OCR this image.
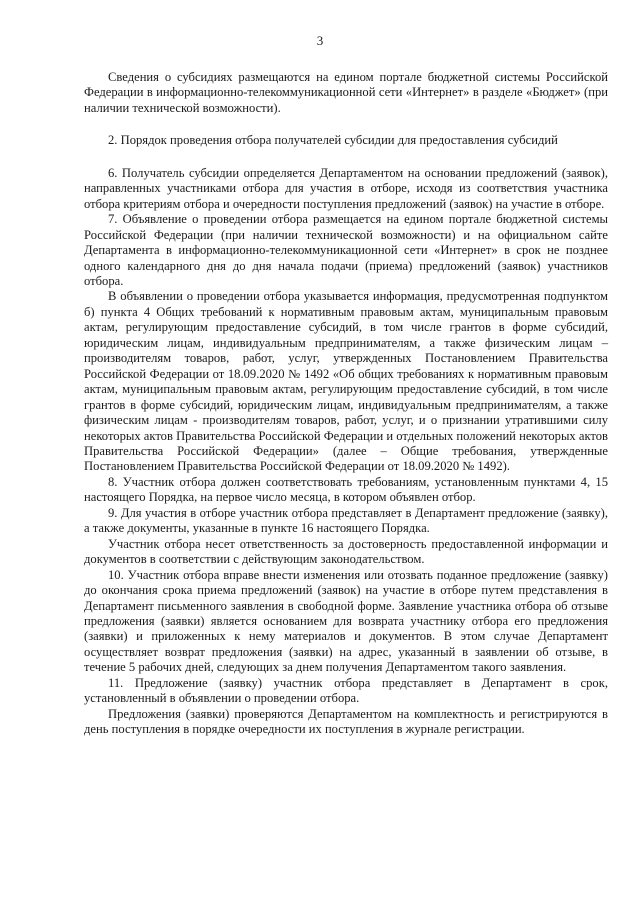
3

Сведения о субсидиях размещаются на едином портале бюджетной системы Российской Федерации в информационно-телекоммуникационной сети «Интернет» в разделе «Бюджет» (при наличии технической возможности).

2. Порядок проведения отбора получателей субсидии для предоставления субсидий

6. Получатель субсидии определяется Департаментом на основании предложений (заявок), направленных участниками отбора для участия в отборе, исходя из соответствия участника отбора критериям отбора и очередности поступления предложений (заявок) на участие в отборе.

7. Объявление о проведении отбора размещается на едином портале бюджетной системы Российской Федерации (при наличии технической возможности) и на официальном сайте Департамента в информационно-телекоммуникационной сети «Интернет» в срок не позднее одного календарного дня до дня начала подачи (приема) предложений (заявок) участников отбора.

В объявлении о проведении отбора указывается информация, предусмотренная подпунктом б) пункта 4 Общих требований к нормативным правовым актам, муниципальным правовым актам, регулирующим предоставление субсидий, в том числе грантов в форме субсидий, юридическим лицам, индивидуальным предпринимателям, а также физическим лицам – производителям товаров, работ, услуг, утвержденных Постановлением Правительства Российской Федерации от 18.09.2020 № 1492 «Об общих требованиях к нормативным правовым актам, муниципальным правовым актам, регулирующим предоставление субсидий, в том числе грантов в форме субсидий, юридическим лицам, индивидуальным предпринимателям, а также физическим лицам - производителям товаров, работ, услуг, и о признании утратившими силу некоторых актов Правительства Российской Федерации и отдельных положений некоторых актов Правительства Российской Федерации» (далее – Общие требования, утвержденные Постановлением Правительства Российской Федерации от 18.09.2020 № 1492).

8. Участник отбора должен соответствовать требованиям, установленным пунктами 4, 15 настоящего Порядка, на первое число месяца, в котором объявлен отбор.

9. Для участия в отборе участник отбора представляет в Департамент предложение (заявку), а также документы, указанные в пункте 16 настоящего Порядка.

Участник отбора несет ответственность за достоверность предоставленной информации и документов в соответствии с действующим законодательством.

10. Участник отбора вправе внести изменения или отозвать поданное предложение (заявку) до окончания срока приема предложений (заявок) на участие в отборе путем представления в Департамент письменного заявления в свободной форме. Заявление участника отбора об отзыве предложения (заявки) является основанием для возврата участнику отбора его предложения (заявки) и приложенных к нему материалов и документов. В этом случае Департамент осуществляет возврат предложения (заявки) на адрес, указанный в заявлении об отзыве, в течение 5 рабочих дней, следующих за днем получения Департаментом такого заявления.

11. Предложение (заявку) участник отбора представляет в Департамент в срок, установленный в объявлении о проведении отбора.

Предложения (заявки) проверяются Департаментом на комплектность и регистрируются в день поступления в порядке очередности их поступления в журнале регистрации.
